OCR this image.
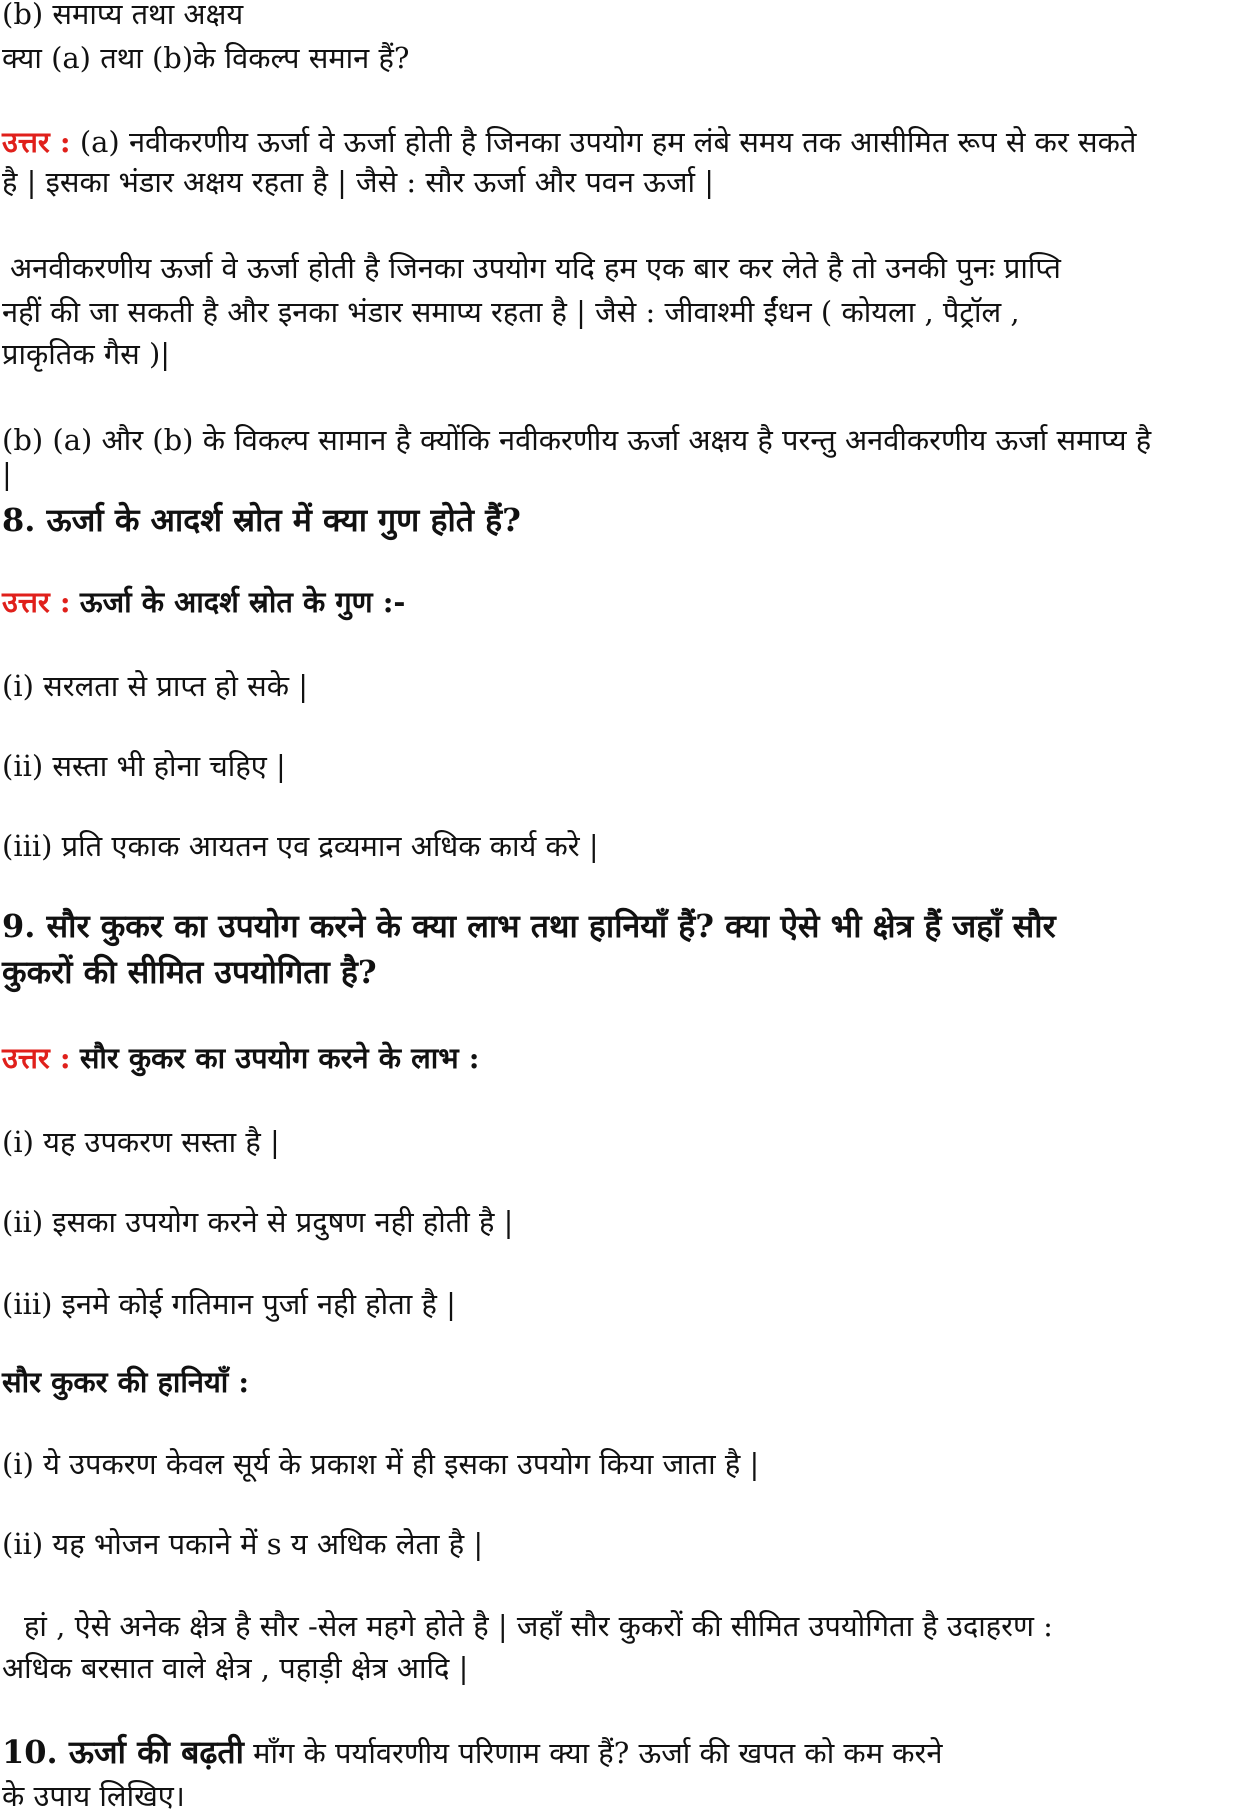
(b) समाप्य तथा अक्षय
क्या (a) तथा (b)के विकल्प समान हैं?
उत्तर : (a) नवीकरणीय ऊर्जा वे ऊर्जा होती है जिनका उपयोग हम लंबे समय तक आसीमित रूप से कर सकते
है | इसका भंडार अक्षय रहता है | जैसे : सौर ऊर्जा और पवन ऊर्जा |
अनवीकरणीय ऊर्जा वे ऊर्जा होती है जिनका उपयोग यदि हम एक बार कर लेते है तो उनकी पुनः प्राप्ति
नहीं की जा सकती है और इनका भंडार समाप्य रहता है | जैसे : जीवाश्मी ईंधन ( कोयला , पैट्रॉल ,
प्राकृतिक गैस )|
(b) (a) और (b) के विकल्प सामान है क्योंकि नवीकरणीय ऊर्जा अक्षय है परन्तु अनवीकरणीय ऊर्जा समाप्य है
|
8. ऊर्जा के आदर्श स्रोत में क्या गुण होते हैं?
उत्तर : ऊर्जा के आदर्श स्रोत के गुण :-
(i) सरलता से प्राप्त हो सके |
(ii) सस्ता भी होना चहिए |
(iii) प्रति एकाक आयतन एव द्रव्यमान अधिक कार्य करे |
9. सौर कुकर का उपयोग करने के क्या लाभ तथा हानियाँ हैं? क्या ऐसे भी क्षेत्र हैं जहाँ सौर
कुकरों की सीमित उपयोगिता है?
उत्तर : सौर कुकर का उपयोग करने के लाभ :
(i) यह उपकरण सस्ता है |
(ii) इसका उपयोग करने से प्रदुषण नही होती है |
(iii) इनमे कोई गतिमान पुर्जा नही होता है |
सौर कुकर की हानियाँ :
(i) ये उपकरण केवल सूर्य के प्रकाश में ही इसका उपयोग किया जाता है |
(ii) यह भोजन पकाने में s य अधिक लेता है |
हां , ऐसे अनेक क्षेत्र है सौर -सेल महगे होते है | जहाँ सौर कुकरों की सीमित उपयोगिता है उदाहरण :
अधिक बरसात वाले क्षेत्र , पहाड़ी क्षेत्र आदि |
10. ऊर्जा की बढ़ती माँग के पर्यावरणीय परिणाम क्या हैं? ऊर्जा की खपत को कम करने
के उपाय लिखिए।
